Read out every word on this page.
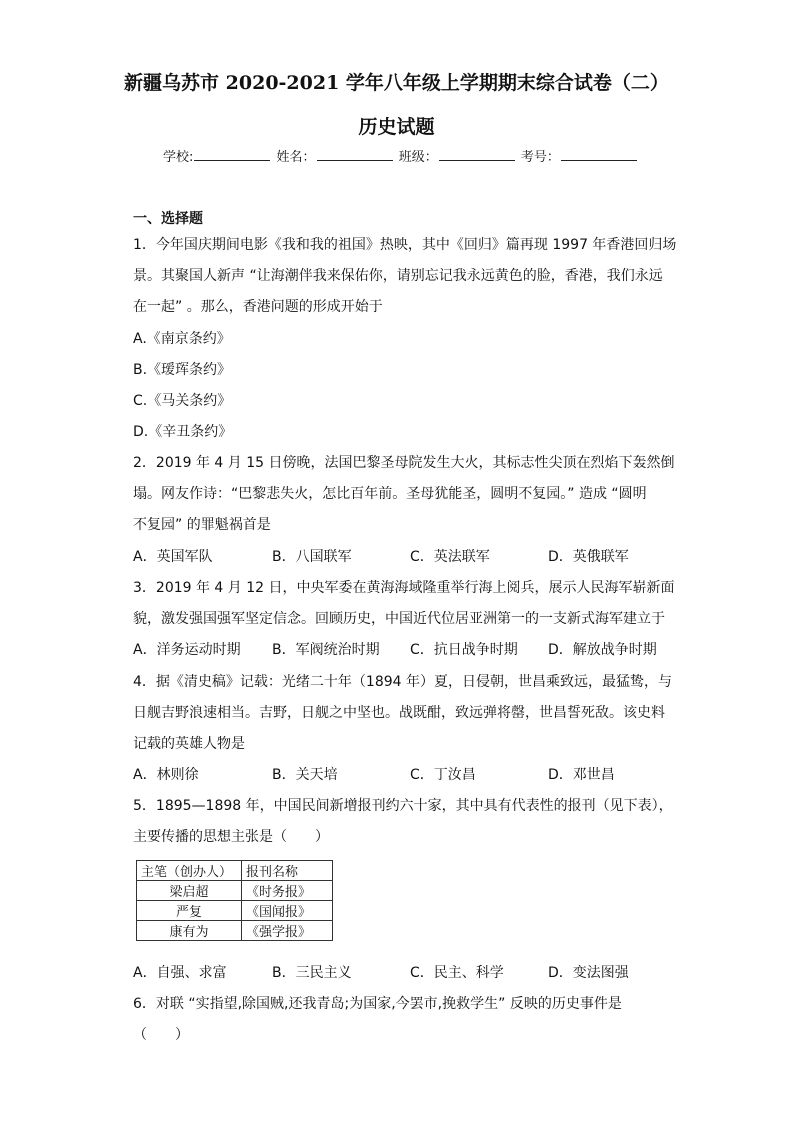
新疆乌苏市 2020-2021 学年八年级上学期期末综合试卷（二）
历史试题
学校:	姓名：	班级：	考号：
一、选择题
1．今年国庆期间电影《我和我的祖国》热映，其中《回归》篇再现 1997 年香港回归场
景。其聚国人新声 “让海潮伴我来保佑你，请别忘记我永远黄色的脸，香港，我们永远
在一起” 。那么，香港问题的形成开始于
A.《南京条约》
B.《瑷珲条约》
C.《马关条约》
D.《辛丑条约》
2．2019 年 4 月 15 日傍晚，法国巴黎圣母院发生大火，其标志性尖顶在烈焰下轰然倒
塌。网友作诗：“巴黎悲失火，怎比百年前。圣母犹能圣，圆明不复园。” 造成 “圆明
不复园” 的罪魁祸首是
A．英国军队	B．八国联军	C．英法联军	D．英俄联军
3．2019 年 4 月 12 日，中央军委在黄海海域隆重举行海上阅兵，展示人民海军崭新面
貌，激发强国强军坚定信念。回顾历史，中国近代位居亚洲第一的一支新式海军建立于
A．洋务运动时期 B．军阀统治时期 C．抗日战争时期 D．解放战争时期
4．据《清史稿》记载：光绪二十年（1894 年）夏，日侵朝，世昌乘致远，最猛鸷，与
日舰吉野浪速相当。吉野，日舰之中坚也。战既酣，致远弹将罄，世昌誓死敌。该史料
记载的英雄人物是
A．林则徐	B．关天培	C．丁汝昌	D．邓世昌
5．1895—1898 年，中国民间新增报刊约六十家，其中具有代表性的报刊（见下表），
主要传播的思想主张是（　　）
主笔（创办人）	报刊名称
梁启超	《时务报》
严复	《国闻报》
康有为	《强学报》
A．自强、求富	B．三民主义	C．民主、科学	D．变法图强
6．对联 “实指望,除国贼,还我青岛;为国家,今罢市,挽救学生” 反映的历史事件是
（　　）
